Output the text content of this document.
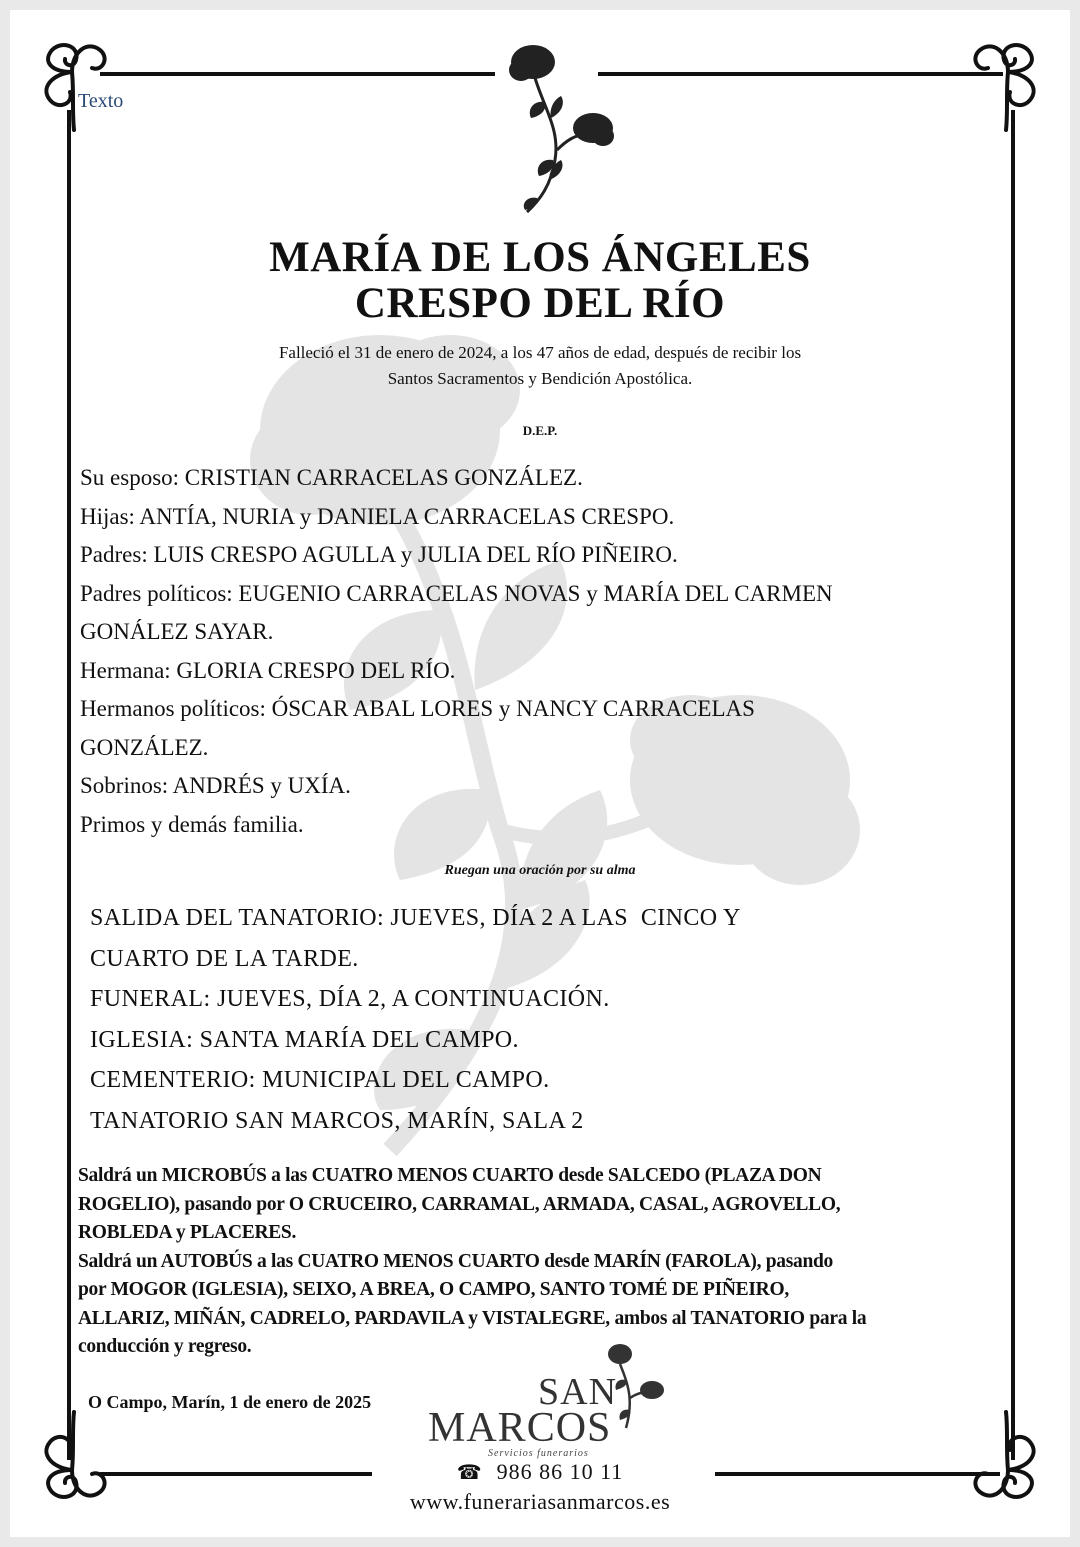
Texto
MARÍA DE LOS ÁNGELES
CRESPO DEL RÍO
Falleció el 31 de enero de 2024, a los 47 años de edad, después de recibir los
Santos Sacramentos y Bendición Apostólica.
D.E.P.
Su esposo: CRISTIAN CARRACELAS GONZÁLEZ.
Hijas: ANTÍA, NURIA y DANIELA CARRACELAS CRESPO.
Padres: LUIS CRESPO AGULLA y JULIA DEL RÍO PIÑEIRO.
Padres políticos: EUGENIO CARRACELAS NOVAS y MARÍA DEL CARMEN
GONÁLEZ SAYAR.
Hermana: GLORIA CRESPO DEL RÍO.
Hermanos políticos: ÓSCAR ABAL LORES y NANCY CARRACELAS
GONZÁLEZ.
Sobrinos: ANDRÉS y UXÍA.
Primos y demás familia.
Ruegan una oración por su alma
SALIDA DEL TANATORIO: JUEVES, DÍA 2 A LAS  CINCO Y
CUARTO DE LA TARDE.
FUNERAL: JUEVES, DÍA 2, A CONTINUACIÓN.
IGLESIA: SANTA MARÍA DEL CAMPO.
CEMENTERIO: MUNICIPAL DEL CAMPO.
TANATORIO SAN MARCOS, MARÍN, SALA 2
Saldrá un MICROBÚS a las CUATRO MENOS CUARTO desde SALCEDO (PLAZA DON
ROGELIO), pasando por O CRUCEIRO, CARRAMAL, ARMADA, CASAL, AGROVELLO,
ROBLEDA y PLACERES.
Saldrá un AUTOBÚS a las CUATRO MENOS CUARTO desde MARÍN (FAROLA), pasando
por MOGOR (IGLESIA), SEIXO, A BREA, O CAMPO, SANTO TOMÉ DE PIÑEIRO,
ALLARIZ, MIÑÁN, CADRELO, PARDAVILA y VISTALEGRE, ambos al TANATORIO para la
conducción y regreso.
O Campo, Marín, 1 de enero de 2025	SAN
MARCOS
Servicios funerarios
☎ 986 86 10 11
www.funerariasanmarcos.es
